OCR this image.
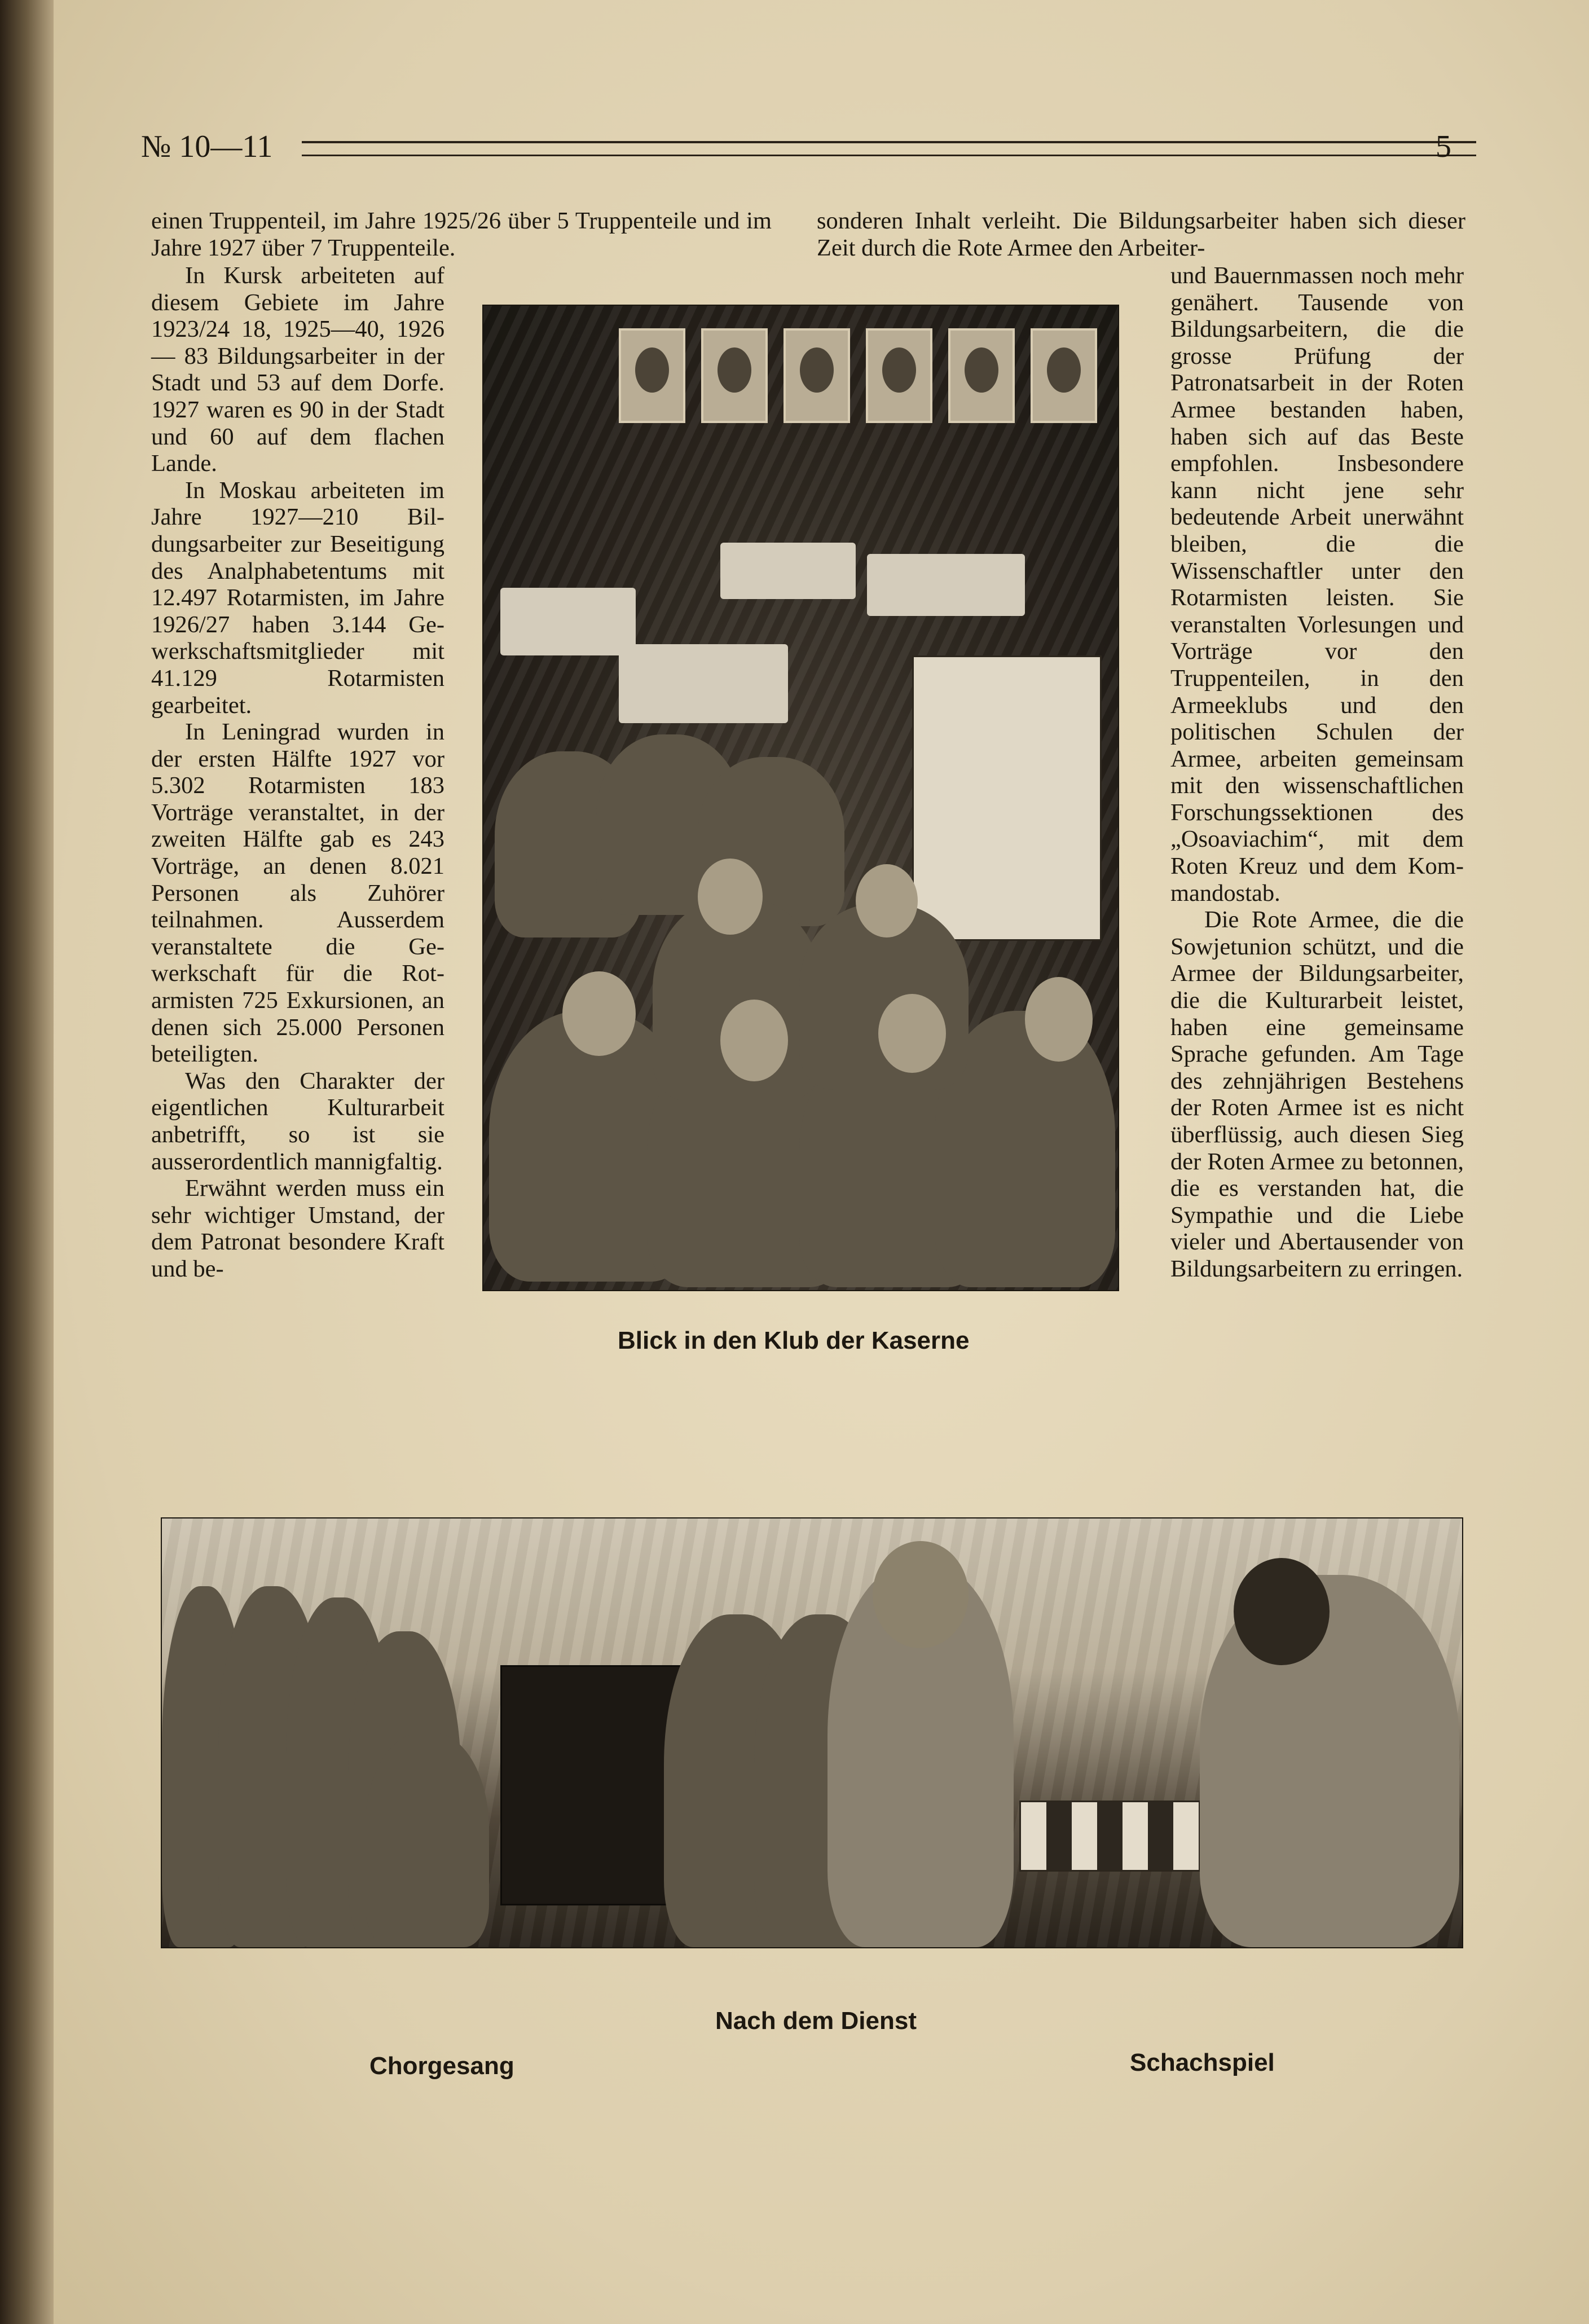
№ 10—11	5

einen Truppenteil, im Jahre 1925/26 über 5 Truppenteile und im Jahre 1927 über 7 Truppenteile.

In Kursk arbeiteten auf diesem Gebiete im Jahre 1923/24 18, 1925—40, 1926 — 83 Bildungsarbeiter in der Stadt und 53 auf dem Dorfe. 1927 waren es 90 in der Stadt und 60 auf dem flachen Lande.

In Moskau arbeiteten im Jahre 1927—210 Bildungsarbeiter zur Beseitigung des Analphabetentums mit 12.497 Rotarmisten, im Jahre 1926/27 haben 3.144 Gewerkschaftsmitglieder mit 41.129 Rotarmisten gearbeitet.

In Leningrad wurden in der ersten Hälfte 1927 vor 5.302 Rotarmisten 183 Vorträge veranstaltet, in der zweiten Hälfte gab es 243 Vorträge, an denen 8.021 Personen als Zuhörer teilnahmen. Ausserdem veranstaltete die Gewerkschaft für die Rotarmisten 725 Exkursionen, an denen sich 25.000 Personen beteiligten.

Was den Charakter der eigentlichen Kulturarbeit anbetrifft, so ist sie ausserordentlich mannigfaltig.

Erwähnt werden muss ein sehr wichtiger Umstand, der dem Patronat besondere Kraft und be-

sonderen Inhalt verleiht. Die Bildungsarbeiter haben sich dieser Zeit durch die Rote Armee den Arbeiter-

und Bauernmassen noch mehr genähert. Tausende von Bildungsarbeitern, die die grosse Prüfung der Patronatsarbeit in der Roten Armee bestanden haben, haben sich auf das Beste empfohlen. Insbesondere kann nicht jene sehr bedeutende Arbeit unerwähnt bleiben, die die Wissenschaftler unter den Rotarmisten leisten. Sie veranstalten Vorlesungen und Vorträge vor den Truppenteilen, in den Armeeklubs und den politischen Schulen der Armee, arbeiten gemeinsam mit den wissenschaftlichen Forschungssektionen des „Osoaviachim“, mit dem Roten Kreuz und dem Kommandostab.

Die Rote Armee, die die Sowjetunion schützt, und die Armee der Bildungsarbeiter, die die Kulturarbeit leistet, haben eine gemeinsame Sprache gefunden. Am Tage des zehnjährigen Bestehens der Roten Armee ist es nicht überflüssig, auch diesen Sieg der Roten Armee zu betonnen, die es verstanden hat, die Sympathie und die Liebe vieler und Abertausender von Bildungsarbeitern zu erringen.

Blick in den Klub der Kaserne
Nach dem Dienst
Chorgesang	Schachspiel
